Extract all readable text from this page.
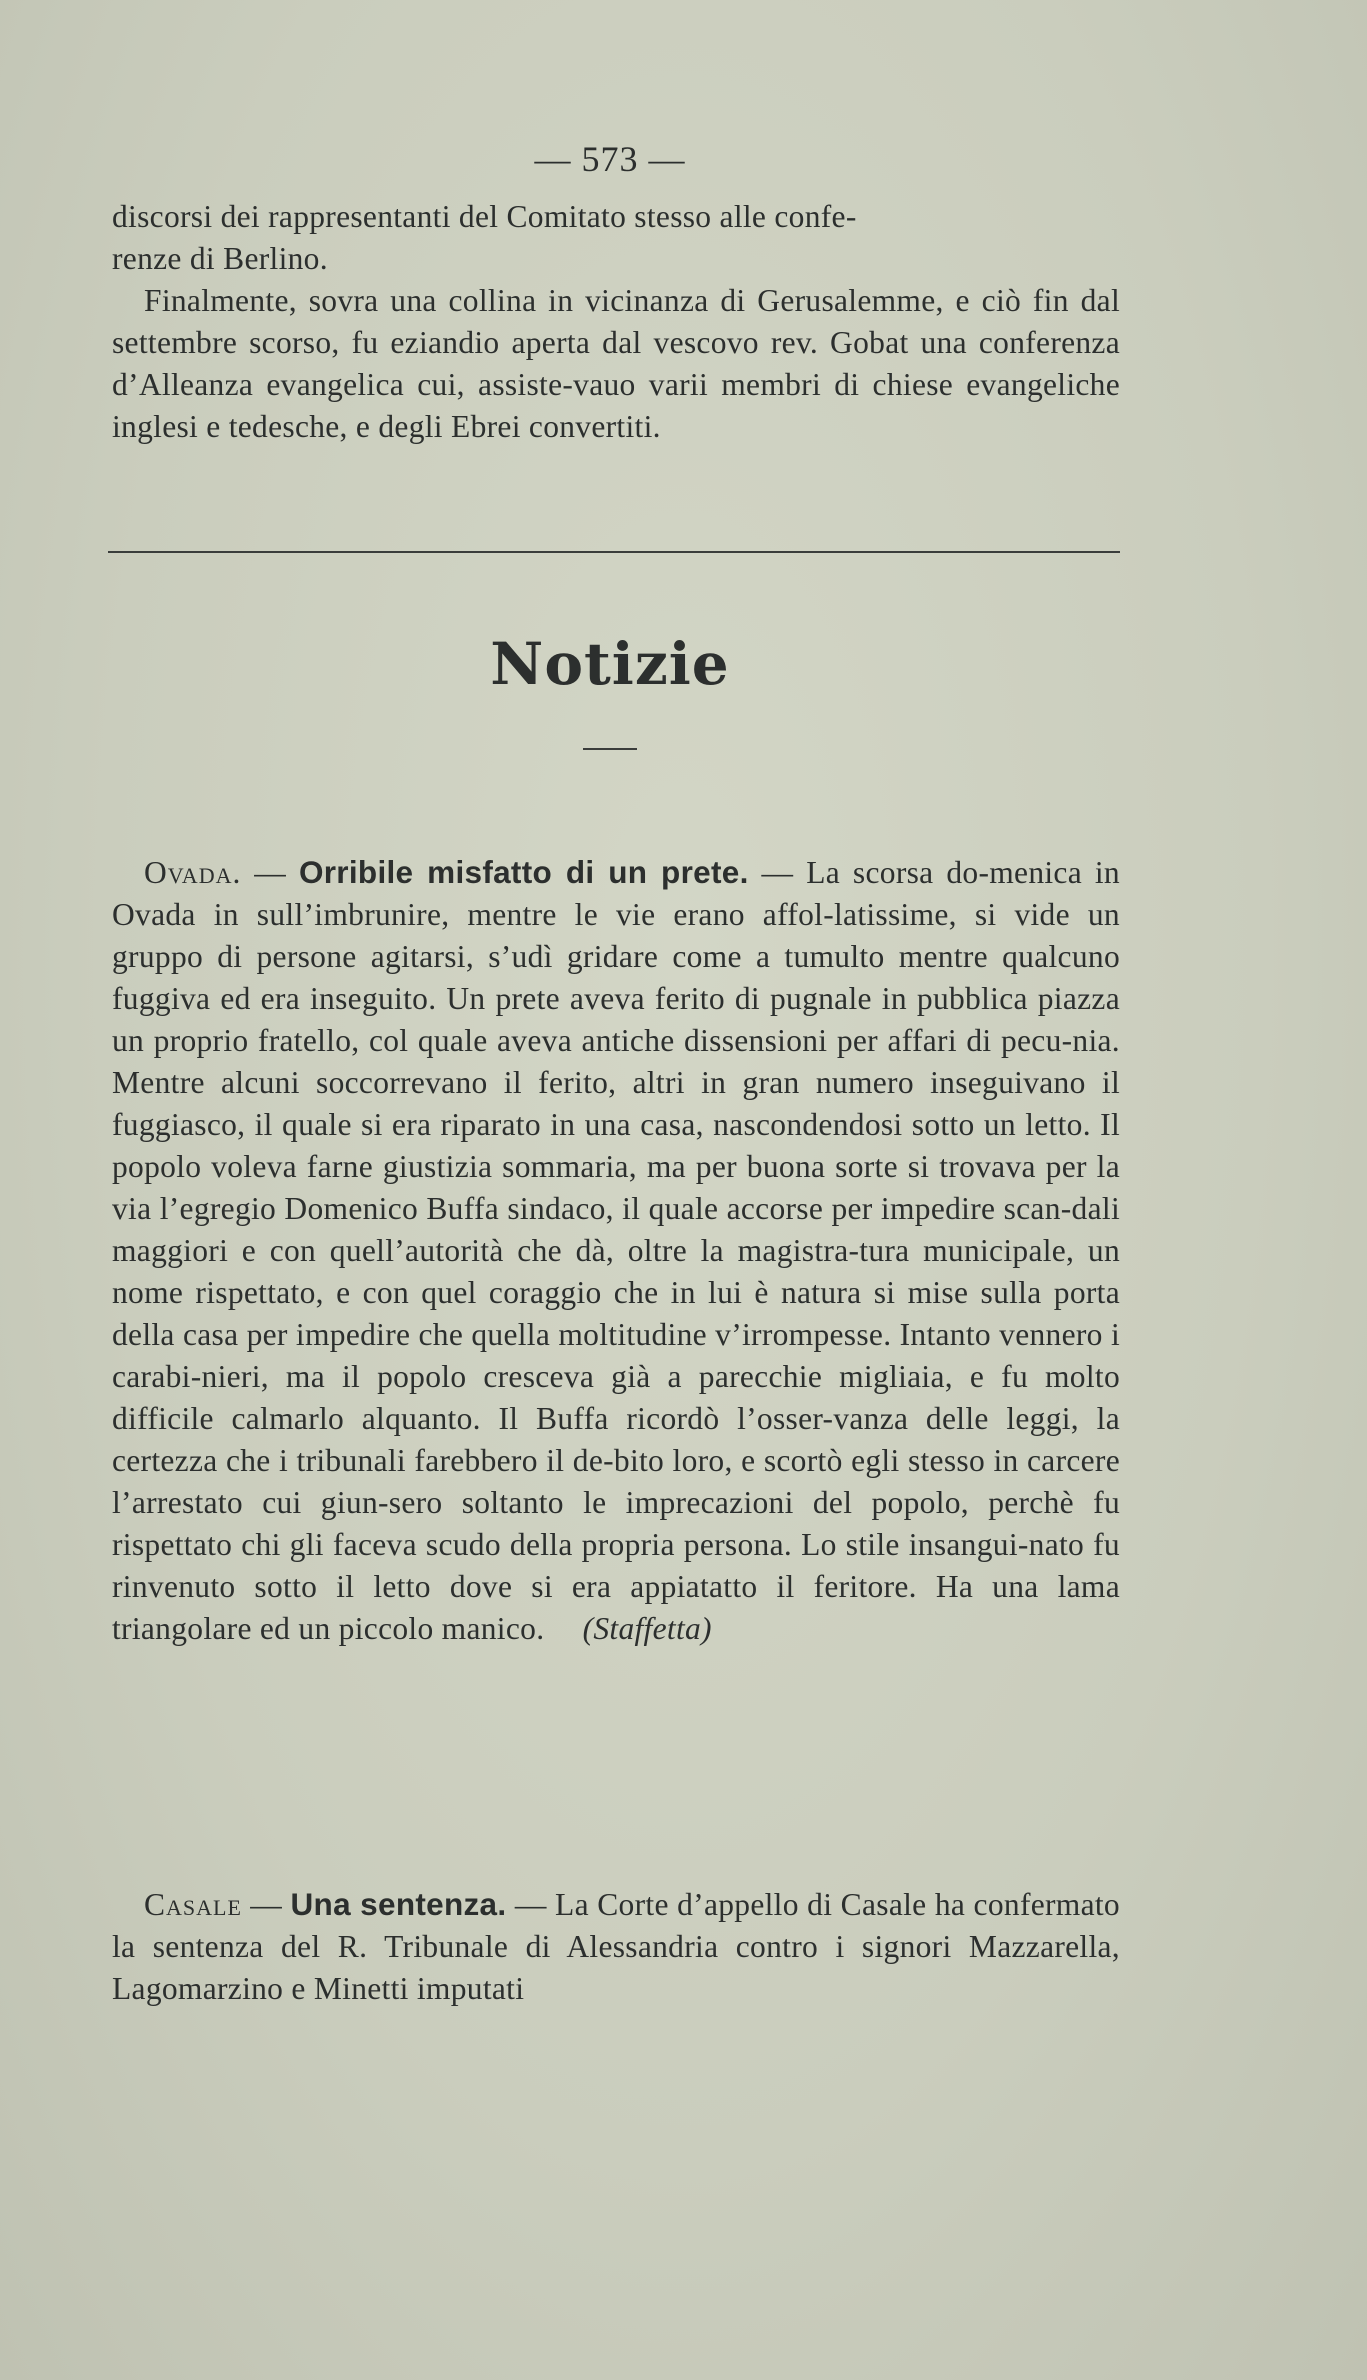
— 573 —

discorsi dei rappresentanti del Comitato stesso alle confe-

renze di Berlino.

Finalmente, sovra una collina in vicinanza di Gerusalemme, e ciò fin dal settembre scorso, fu eziandio aperta dal vescovo rev. Gobat una conferenza d’Alleanza evangelica cui, assiste-vauo varii membri di chiese evangeliche inglesi e tedesche, e degli Ebrei convertiti.

Notizie

Ovada. — Orribile misfatto di un prete. — La scorsa do-menica in Ovada in sull’imbrunire, mentre le vie erano affol-latissime, si vide un gruppo di persone agitarsi, s’udì gridare come a tumulto mentre qualcuno fuggiva ed era inseguito. Un prete aveva ferito di pugnale in pubblica piazza un proprio fratello, col quale aveva antiche dissensioni per affari di pecu-nia. Mentre alcuni soccorrevano il ferito, altri in gran numero inseguivano il fuggiasco, il quale si era riparato in una casa, nascondendosi sotto un letto. Il popolo voleva farne giustizia sommaria, ma per buona sorte si trovava per la via l’egregio Domenico Buffa sindaco, il quale accorse per impedire scan-dali maggiori e con quell’autorità che dà, oltre la magistra-tura municipale, un nome rispettato, e con quel coraggio che in lui è natura si mise sulla porta della casa per impedire che quella moltitudine v’irrompesse. Intanto vennero i carabi-nieri, ma il popolo cresceva già a parecchie migliaia, e fu molto difficile calmarlo alquanto. Il Buffa ricordò l’osser-vanza delle leggi, la certezza che i tribunali farebbero il de-bito loro, e scortò egli stesso in carcere l’arrestato cui giun-sero soltanto le imprecazioni del popolo, perchè fu rispettato chi gli faceva scudo della propria persona. Lo stile insangui-nato fu rinvenuto sotto il letto dove si era appiatatto il feritore. Ha una lama triangolare ed un piccolo manico. (Staffetta)

Casale — Una sentenza. — La Corte d’appello di Casale ha confermato la sentenza del R. Tribunale di Alessandria contro i signori Mazzarella, Lagomarzino e Minetti imputati
